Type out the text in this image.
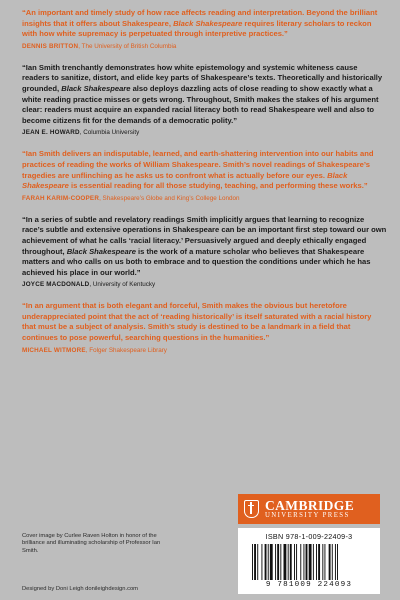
“An important and timely study of how race affects reading and interpretation. Beyond the brilliant insights that it offers about Shakespeare, Black Shakespeare requires literary scholars to reckon with how white supremacy is perpetuated through interpretive practices.”

DENNIS BRITTON, The University of British Columbia

“Ian Smith trenchantly demonstrates how white epistemology and systemic whiteness cause readers to sanitize, distort, and elide key parts of Shakespeare’s texts. Theoretically and historically grounded, Black Shakespeare also deploys dazzling acts of close reading to show exactly what a white reading practice misses or gets wrong. Throughout, Smith makes the stakes of his argument clear: readers must acquire an expanded racial literacy both to read Shakespeare well and also to become citizens fit for the demands of a democratic polity.”

JEAN E. HOWARD, Columbia University

“Ian Smith delivers an indisputable, learned, and earth-shattering intervention into our habits and practices of reading the works of William Shakespeare. Smith’s novel readings of Shakespeare’s tragedies are unflinching as he asks us to confront what is actually before our eyes. Black Shakespeare is essential reading for all those studying, teaching, and performing these works.”

FARAH KARIM-COOPER, Shakespeare’s Globe and King’s College London

“In a series of subtle and revelatory readings Smith implicitly argues that learning to recognize race’s subtle and extensive operations in Shakespeare can be an important first step toward our own achievement of what he calls ‘racial literacy.’ Persuasively argued and deeply ethically engaged throughout, Black Shakespeare is the work of a mature scholar who believes that Shakespeare matters and who calls on us both to embrace and to question the conditions under which he has achieved his place in our world.”

JOYCE MACDONALD, University of Kentucky

“In an argument that is both elegant and forceful, Smith makes the obvious but heretofore underappreciated point that the act of ‘reading historically’ is itself saturated with a racial history that must be a subject of analysis. Smith’s study is destined to be a landmark in a field that continues to pose powerful, searching questions in the humanities.”

MICHAEL WITMORE, Folger Shakespeare Library

Cover image by Curlee Raven Holton in honor of the brilliance and illuminating scholarship of Professor Ian Smith.
Designed by Doni Leigh donileighdesign.com
CAMBRIDGE
UNIVERSITY PRESS
ISBN 978-1-009-22409-3
9 781009 224093
